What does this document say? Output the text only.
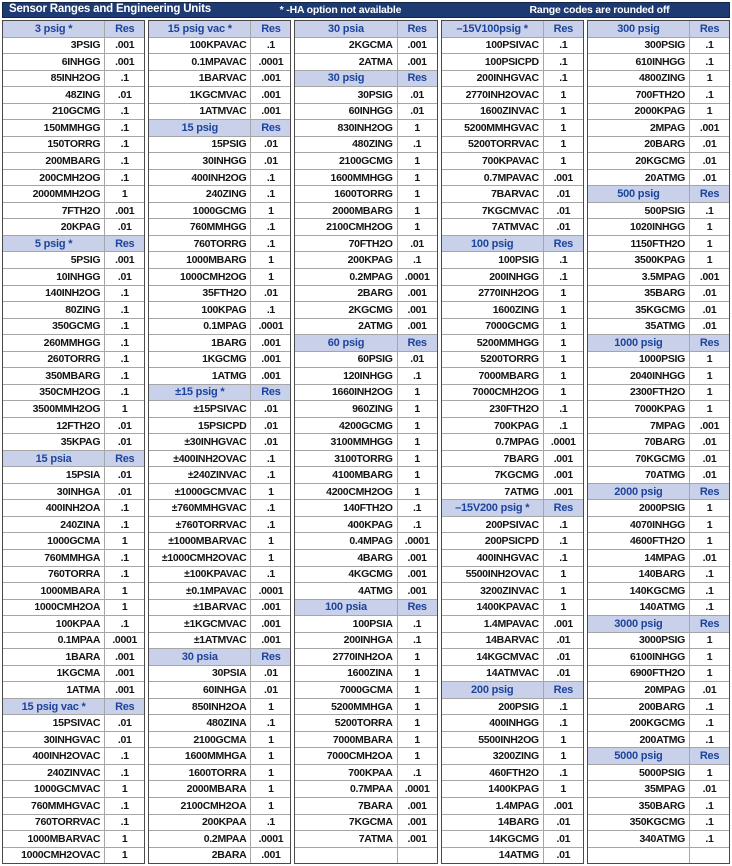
Sensor Ranges and Engineering Units	* -HA option not available	Range codes are rounded off
3 psig *	Res
3PSIG	.001
6INHGG	.001
85INH2OG	.1
48ZING	.01
210GCMG	.1
150MMHGG	.1
150TORRG	.1
200MBARG	.1
200CMH2OG	.1
2000MMH2OG	1
7FTH2O	.001
20KPAG	.01
5 psig *	Res
5PSIG	.001
10INHGG	.01
140INH2OG	.1
80ZING	.1
350GCMG	.1
260MMHGG	.1
260TORRG	.1
350MBARG	.1
350CMH2OG	.1
3500MMH2OG	1
12FTH2O	.01
35KPAG	.01
15 psia	Res
15PSIA	.01
30INHGA	.01
400INH2OA	.1
240ZINA	.1
1000GCMA	1
760MMHGA	.1
760TORRA	.1
1000MBARA	1
1000CMH2OA	1
100KPAA	.1
0.1MPAA	.0001
1BARA	.001
1KGCMA	.001
1ATMA	.001
15 psig vac *	Res
15PSIVAC	.01
30INHGVAC	.01
400INH2OVAC	.1
240ZINVAC	.1
1000GCMVAC	1
760MMHGVAC	.1
760TORRVAC	.1
1000MBARVAC	1
1000CMH2OVAC	1
15 psig vac *	Res
100KPAVAC	.1
0.1MPAVAC	.0001
1BARVAC	.001
1KGCMVAC	.001
1ATMVAC	.001
15 psig	Res
15PSIG	.01
30INHGG	.01
400INH2OG	.1
240ZING	.1
1000GCMG	1
760MMHGG	.1
760TORRG	.1
1000MBARG	1
1000CMH2OG	1
35FTH2O	.01
100KPAG	.1
0.1MPAG	.0001
1BARG	.001
1KGCMG	.001
1ATMG	.001
±15 psig *	Res
±15PSIVAC	.01
15PSICPD	.01
±30INHGVAC	.01
±400INH2OVAC	.1
±240ZINVAC	.1
±1000GCMVAC	1
±760MMHGVAC	.1
±760TORRVAC	.1
±1000MBARVAC	1
±1000CMH2OVAC	1
±100KPAVAC	.1
±0.1MPAVAC	.0001
±1BARVAC	.001
±1KGCMVAC	.001
±1ATMVAC	.001
30 psia	Res
30PSIA	.01
60INHGA	.01
850INH2OA	1
480ZINA	.1
2100GCMA	1
1600MMHGA	1
1600TORRA	1
2000MBARA	1
2100CMH2OA	1
200KPAA	.1
0.2MPAA	.0001
2BARA	.001
30 psia	Res
2KGCMA	.001
2ATMA	.001
30 psig	Res
30PSIG	.01
60INHGG	.01
830INH2OG	1
480ZING	.1
2100GCMG	1
1600MMHGG	1
1600TORRG	1
2000MBARG	1
2100CMH2OG	1
70FTH2O	.01
200KPAG	.1
0.2MPAG	.0001
2BARG	.001
2KGCMG	.001
2ATMG	.001
60 psig	Res
60PSIG	.01
120INHGG	.1
1660INH2OG	1
960ZING	1
4200GCMG	1
3100MMHGG	1
3100TORRG	1
4100MBARG	1
4200CMH2OG	1
140FTH2O	.1
400KPAG	.1
0.4MPAG	.0001
4BARG	.001
4KGCMG	.001
4ATMG	.001
100 psia	Res
100PSIA	.1
200INHGA	.1
2770INH2OA	1
1600ZINA	1
7000GCMA	1
5200MMHGA	1
5200TORRA	1
7000MBARA	1
7000CMH2OA	1
700KPAA	.1
0.7MPAA	.0001
7BARA	.001
7KGCMA	.001
7ATMA	.001
–15V100psig *	Res
100PSIVAC	.1
100PSICPD	.1
200INHGVAC	.1
2770INH2OVAC	1
1600ZINVAC	1
5200MMHGVAC	1
5200TORRVAC	1
700KPAVAC	1
0.7MPAVAC	.001
7BARVAC	.01
7KGCMVAC	.01
7ATMVAC	.01
100 psig	Res
100PSIG	.1
200INHGG	.1
2770INH2OG	1
1600ZING	1
7000GCMG	1
5200MMHGG	1
5200TORRG	1
7000MBARG	1
7000CMH2OG	1
230FTH2O	.1
700KPAG	.1
0.7MPAG	.0001
7BARG	.001
7KGCMG	.001
7ATMG	.001
–15V200 psig *	Res
200PSIVAC	.1
200PSICPD	.1
400INHGVAC	.1
5500INH2OVAC	1
3200ZINVAC	1
1400KPAVAC	1
1.4MPAVAC	.001
14BARVAC	.01
14KGCMVAC	.01
14ATMVAC	.01
200 psig	Res
200PSIG	.1
400INHGG	.1
5500INH2OG	1
3200ZING	1
460FTH2O	.1
1400KPAG	1
1.4MPAG	.001
14BARG	.01
14KGCMG	.01
14ATMG	.01
300 psig	Res
300PSIG	.1
610INHGG	.1
4800ZING	1
700FTH2O	.1
2000KPAG	1
2MPAG	.001
20BARG	.01
20KGCMG	.01
20ATMG	.01
500 psig	Res
500PSIG	.1
1020INHGG	1
1150FTH2O	1
3500KPAG	1
3.5MPAG	.001
35BARG	.01
35KGCMG	.01
35ATMG	.01
1000 psig	Res
1000PSIG	1
2040INHGG	1
2300FTH2O	1
7000KPAG	1
7MPAG	.001
70BARG	.01
70KGCMG	.01
70ATMG	.01
2000 psig	Res
2000PSIG	1
4070INHGG	1
4600FTH2O	1
14MPAG	.01
140BARG	.1
140KGCMG	.1
140ATMG	.1
3000 psig	Res
3000PSIG	1
6100INHGG	1
6900FTH2O	1
20MPAG	.01
200BARG	.1
200KGCMG	.1
200ATMG	.1
5000 psig	Res
5000PSIG	1
35MPAG	.01
350BARG	.1
350KGCMG	.1
340ATMG	.1
